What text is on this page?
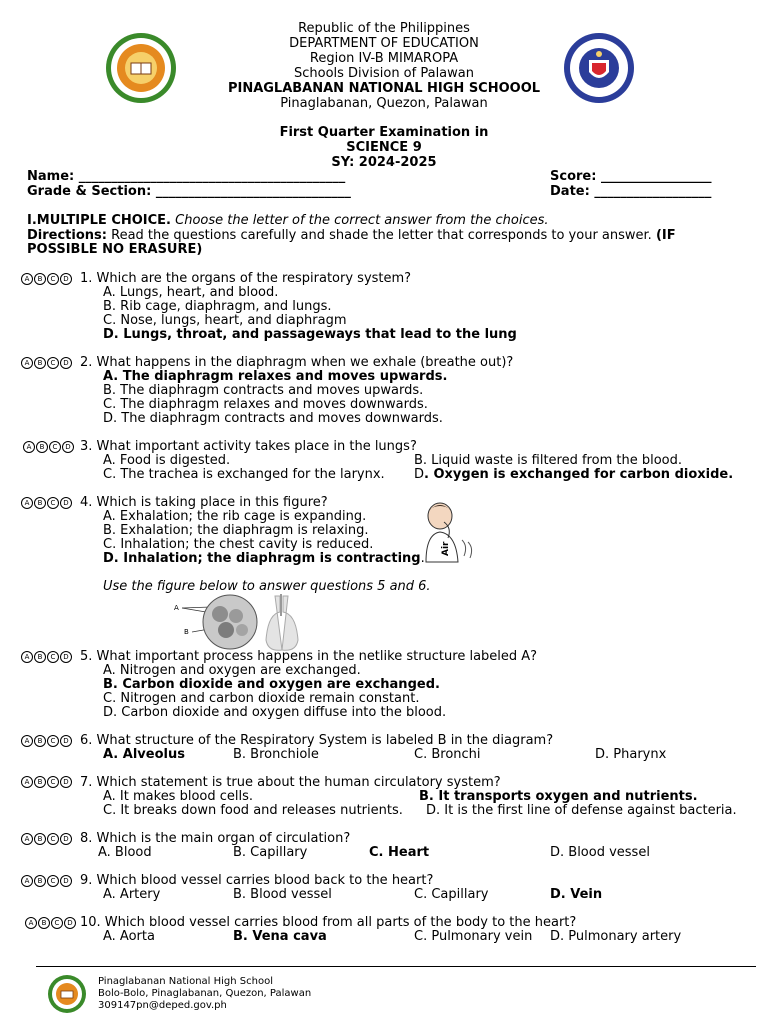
Republic of the Philippines
DEPARTMENT OF EDUCATION
Region IV-B MIMAROPA
Schools Division of Palawan
PINAGLABANAN NATIONAL HIGH SCHOOOL
Pinaglabanan, Quezon, Palawan
First Quarter Examination in
SCIENCE 9
SY: 2024-2025
Name: _________________________________________	Score: _________________
Grade & Section: ______________________________	Date: __________________
I.MULTIPLE CHOICE. Choose the letter of the correct answer from the choices.
Directions: Read the questions carefully and shade the letter that corresponds to your answer. (IF
POSSIBLE NO ERASURE)
A	B	C	D 1. Which are the organs of the respiratory system?
A. Lungs, heart, and blood.
B. Rib cage, diaphragm, and lungs.
C. Nose, lungs, heart, and diaphragm
D. Lungs, throat, and passageways that lead to the lung
A	B	C	D 2. What happens in the diaphragm when we exhale (breathe out)?
A. The diaphragm relaxes and moves upwards.
B. The diaphragm contracts and moves upwards.
C. The diaphragm relaxes and moves downwards.
D. The diaphragm contracts and moves downwards.
A	B	C	D 3. What important activity takes place in the lungs?
A. Food is digested.	B. Liquid waste is filtered from the blood.
C. The trachea is exchanged for the larynx. D. Oxygen is exchanged for carbon dioxide.
A	B	C	D 4. Which is taking place in this figure?
A. Exhalation; the rib cage is expanding.
B. Exhalation; the diaphragm is relaxing.
C. Inhalation; the chest cavity is reduced.
D. Inhalation; the diaphragm is contracting.
Air
Use the figure below to answer questions 5 and 6.
A
B
A	B	C	D 5. What important process happens in the netlike structure labeled A?
A. Nitrogen and oxygen are exchanged.
B. Carbon dioxide and oxygen are exchanged.
C. Nitrogen and carbon dioxide remain constant.
D. Carbon dioxide and oxygen diffuse into the blood.
A	B	C	D 6. What structure of the Respiratory System is labeled B in the diagram?
A. Alveolus	B. Bronchiole	C. Bronchi	D. Pharynx
A	B	C	D 7. Which statement is true about the human circulatory system?
A. It makes blood cells.	B. It transports oxygen and nutrients.
C. It breaks down food and releases nutrients. D. It is the first line of defense against bacteria.
A	B	C	D 8. Which is the main organ of circulation?
A. Blood	B. Capillary	C. Heart	D. Blood vessel
A	B	C	D 9. Which blood vessel carries blood back to the heart?
A. Artery	B. Blood vessel	C. Capillary	D. Vein
A	B	C	D 10. Which blood vessel carries blood from all parts of the body to the heart?
A. Aorta	B. Vena cava	C. Pulmonary vein D. Pulmonary artery
Pinaglabanan National High School
Bolo-Bolo, Pinaglabanan, Quezon, Palawan
309147pn@deped.gov.ph
